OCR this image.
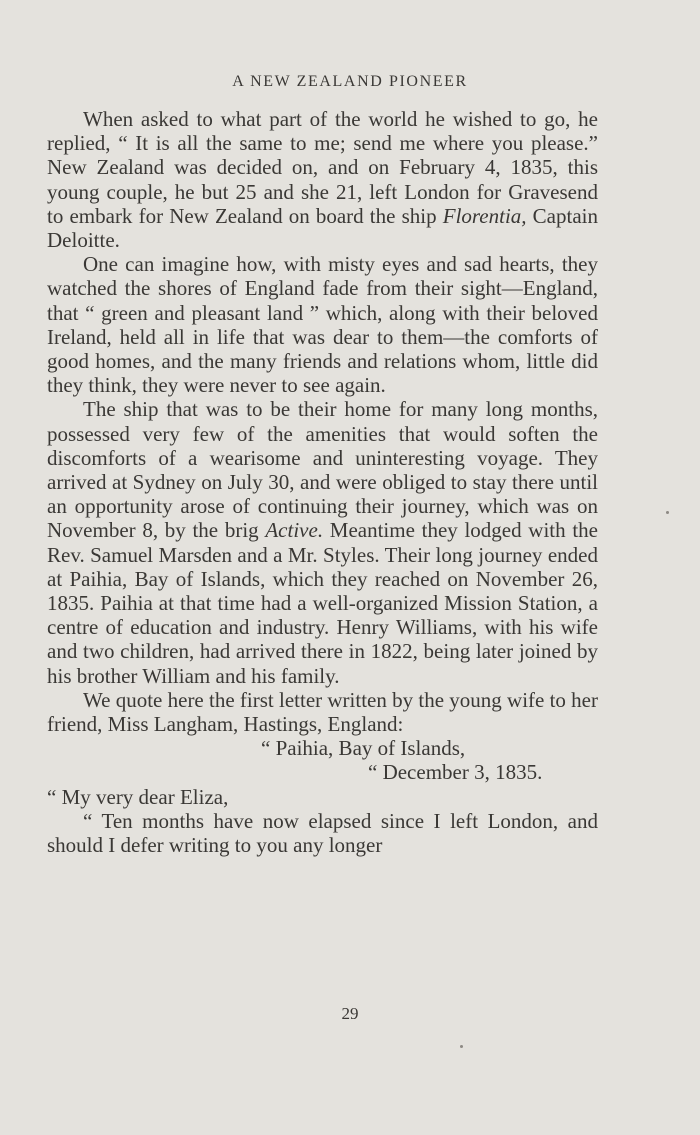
A NEW ZEALAND PIONEER

When asked to what part of the world he wished to go, he replied, “ It is all the same to me; send me where you please.” New Zealand was decided on, and on February 4, 1835, this young couple, he but 25 and she 21, left London for Gravesend to embark for New Zealand on board the ship Florentia, Captain Deloitte.

One can imagine how, with misty eyes and sad hearts, they watched the shores of England fade from their sight—England, that “ green and pleasant land ” which, along with their beloved Ireland, held all in life that was dear to them—the comforts of good homes, and the many friends and relations whom, little did they think, they were never to see again.

The ship that was to be their home for many long months, possessed very few of the amenities that would soften the discomforts of a wearisome and uninteresting voyage. They arrived at Sydney on July 30, and were obliged to stay there until an opportunity arose of continuing their journey, which was on November 8, by the brig Active. Meantime they lodged with the Rev. Samuel Marsden and a Mr. Styles. Their long journey ended at Paihia, Bay of Islands, which they reached on November 26, 1835. Paihia at that time had a well-organized Mission Station, a centre of education and industry. Henry Williams, with his wife and two children, had arrived there in 1822, being later joined by his brother William and his family.

We quote here the first letter written by the young wife to her friend, Miss Langham, Hastings, England:

“ Paihia, Bay of Islands,

“ December 3, 1835.

“ My very dear Eliza,

“ Ten months have now elapsed since I left London, and should I defer writing to you any longer

29
